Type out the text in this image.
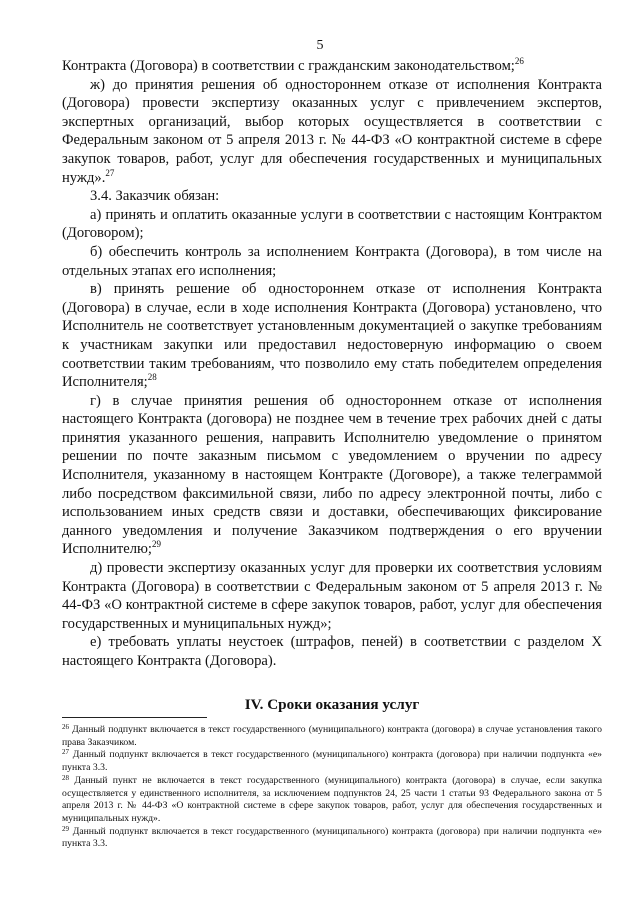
5

Контракта (Договора) в соответствии с гражданским законодательством;$^{26}$

ж) до принятия решения об одностороннем отказе от исполнения Контракта (Договора) провести экспертизу оказанных услуг с привлечением экспертов, экспертных организаций, выбор которых осуществляется в соответствии с Федеральным законом от 5 апреля 2013 г. № 44-ФЗ «О контрактной системе в сфере закупок товаров, работ, услуг для обеспечения государственных и муниципальных нужд».$^{27}$

3.4. Заказчик обязан:

а) принять и оплатить оказанные услуги в соответствии с настоящим Контрактом (Договором);

б) обеспечить контроль за исполнением Контракта (Договора), в том числе на отдельных этапах его исполнения;

в) принять решение об одностороннем отказе от исполнения Контракта (Договора) в случае, если в ходе исполнения Контракта (Договора) установлено, что Исполнитель не соответствует установленным документацией о закупке требованиям к участникам закупки или предоставил недостоверную информацию о своем соответствии таким требованиям, что позволило ему стать победителем определения Исполнителя;$^{28}$

г) в случае принятия решения об одностороннем отказе от исполнения настоящего Контракта (договора) не позднее чем в течение трех рабочих дней с даты принятия указанного решения, направить Исполнителю уведомление о принятом решении по почте заказным письмом с уведомлением о вручении по адресу Исполнителя, указанному в настоящем Контракте (Договоре), а также телеграммой либо посредством факсимильной связи, либо по адресу электронной почты, либо с использованием иных средств связи и доставки, обеспечивающих фиксирование данного уведомления и получение Заказчиком подтверждения о его вручении Исполнителю;$^{29}$

д) провести экспертизу оказанных услуг для проверки их соответствия условиям Контракта (Договора) в соответствии с Федеральным законом от 5 апреля 2013 г. № 44-ФЗ «О контрактной системе в сфере закупок товаров, работ, услуг для обеспечения государственных и муниципальных нужд»;

е) требовать уплаты неустоек (штрафов, пеней) в соответствии с разделом X настоящего Контракта (Договора).

IV. Сроки оказания услуг

$^{26}$ Данный подпункт включается в текст государственного (муниципального) контракта (договора) в случае установления такого права Заказчиком.

$^{27}$ Данный подпункт включается в текст государственного (муниципального) контракта (договора) при наличии подпункта «е» пункта 3.3.

$^{28}$ Данный пункт не включается в текст государственного (муниципального) контракта (договора) в случае, если закупка осуществляется у единственного исполнителя, за исключением подпунктов 24, 25 части 1 статьи 93 Федерального закона от 5 апреля 2013 г. № 44-ФЗ «О контрактной системе в сфере закупок товаров, работ, услуг для обеспечения государственных и муниципальных нужд».

$^{29}$ Данный подпункт включается в текст государственного (муниципального) контракта (договора) при наличии подпункта «е» пункта 3.3.
